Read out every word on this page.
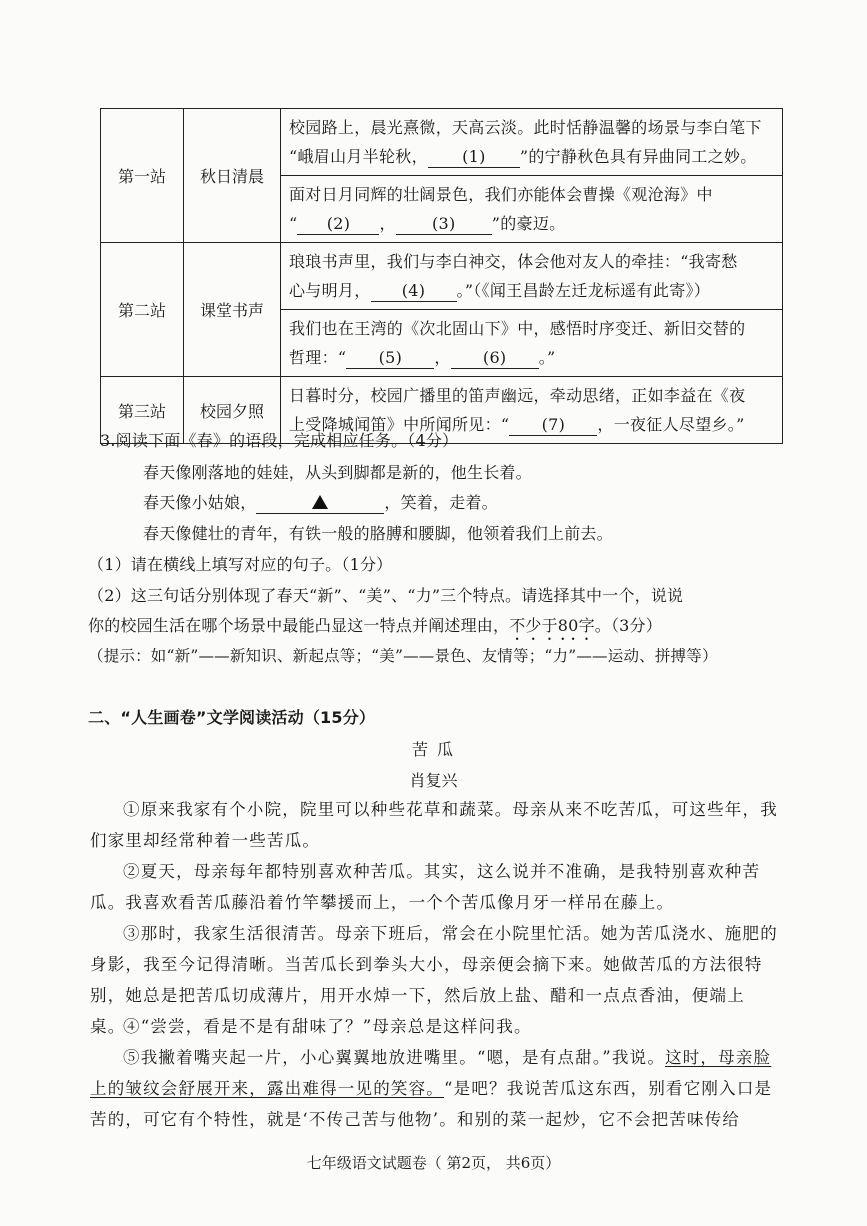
第一站	秋日清晨	校园路上，晨光熹微，天高云淡。此时恬静温馨的场景与李白笔下
“峨眉山月半轮秋， (1) ”的宁静秋色具有异曲同工之妙。

		面对日月同辉的壮阔景色，我们亦能体会曹操《观沧海》中
“ (2) ， (3) ”的豪迈。

第二站	课堂书声	琅琅书声里，我们与李白神交，体会他对友人的牵挂：“我寄愁
心与明月， (4) 。”（《闻王昌龄左迁龙标遥有此寄》）

		我们也在王湾的《次北固山下》中，感悟时序变迁、新旧交替的
哲理：“ (5) ， (6) 。”

第三站	校园夕照	日暮时分，校园广播里的笛声幽远，牵动思绪，正如李益在《夜
上受降城闻笛》中所闻所见：“ (7) ，一夜征人尽望乡。”
3.阅读下面《春》的语段，完成相应任务。（4分）
春天像刚落地的娃娃，从头到脚都是新的，他生长着。
春天像小姑娘，	，笑着，走着。
春天像健壮的青年，有铁一般的胳膊和腰脚，他领着我们上前去。
（1）请在横线上填写对应的句子。（1分）
（2）这三句话分别体现了春天“新”、“美”、“力”三个特点。请选择其中一个，说说
你的校园生活在哪个场景中最能凸显这一特点并阐述理由，不少于80字。（3分）
（提示：如“新”——新知识、新起点等；“美”——景色、友情等；“力”——运动、拼搏等）
二、“人生画卷”文学阅读活动（15分）
苦 瓜
肖复兴
①原来我家有个小院，院里可以种些花草和蔬菜。母亲从来不吃苦瓜，可这些年，我们家里却经常种着一些苦瓜。
②夏天，母亲每年都特别喜欢种苦瓜。其实，这么说并不准确，是我特别喜欢种苦瓜。我喜欢看苦瓜藤沿着竹竿攀援而上，一个个苦瓜像月牙一样吊在藤上。
③那时，我家生活很清苦。母亲下班后，常会在小院里忙活。她为苦瓜浇水、施肥的身影，我至今记得清晰。当苦瓜长到拳头大小，母亲便会摘下来。她做苦瓜的方法很特别，她总是把苦瓜切成薄片，用开水焯一下，然后放上盐、醋和一点点香油，便端上桌。
④“尝尝，看是不是有甜味了？”母亲总是这样问我。
⑤我撇着嘴夹起一片，小心翼翼地放进嘴里。“嗯，是有点甜。”我说。这时，母亲脸上的皱纹会舒展开来，露出难得一见的笑容。“是吧？我说苦瓜这东西，别看它刚入口是苦的，可它有个特性，就是‘不传己苦与他物’。和别的菜一起炒，它不会把苦味传给
七年级语文试题卷（ 第2页， 共6页）
